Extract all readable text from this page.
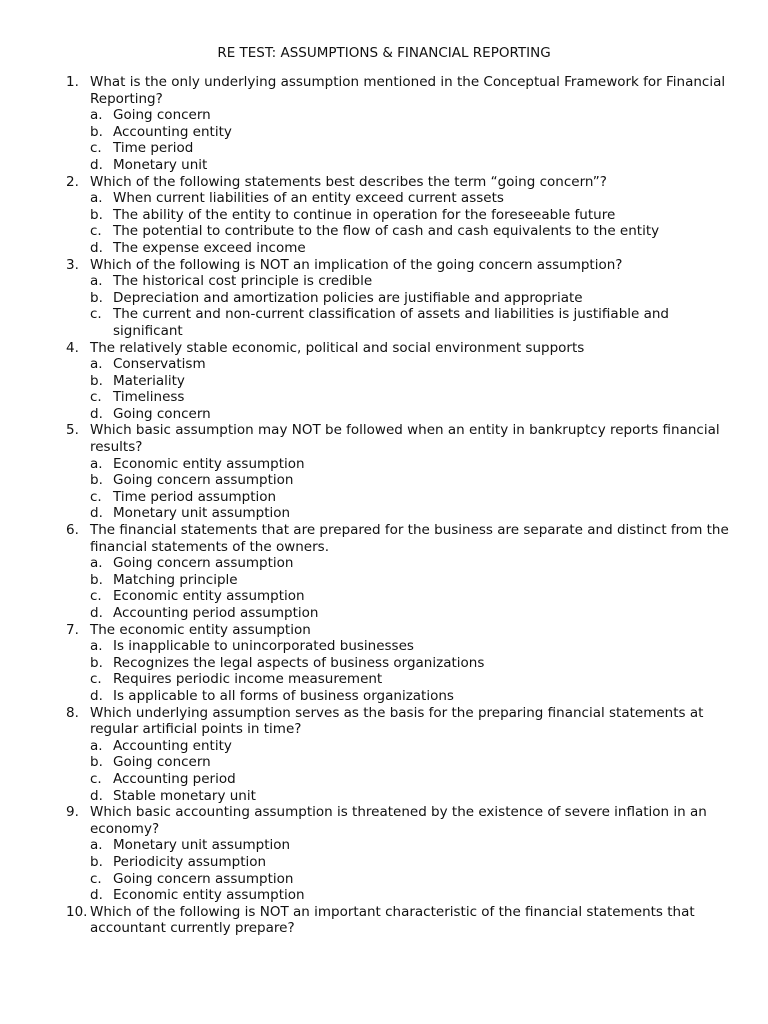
RE TEST: ASSUMPTIONS & FINANCIAL REPORTING
1. What is the only underlying assumption mentioned in the Conceptual Framework for Financial Reporting?
a. Going concern
b. Accounting entity
c. Time period
d. Monetary unit
2. Which of the following statements best describes the term “going concern”?
a. When current liabilities of an entity exceed current assets
b. The ability of the entity to continue in operation for the foreseeable future
c. The potential to contribute to the flow of cash and cash equivalents to the entity
d. The expense exceed income
3. Which of the following is NOT an implication of the going concern assumption?
a. The historical cost principle is credible
b. Depreciation and amortization policies are justifiable and appropriate
c. The current and non-current classification of assets and liabilities is justifiable and significant
4. The relatively stable economic, political and social environment supports
a. Conservatism
b. Materiality
c. Timeliness
d. Going concern
5. Which basic assumption may NOT be followed when an entity in bankruptcy reports financial results?
a. Economic entity assumption
b. Going concern assumption
c. Time period assumption
d. Monetary unit assumption
6. The financial statements that are prepared for the business are separate and distinct from the financial statements of the owners.
a. Going concern assumption
b. Matching principle
c. Economic entity assumption
d. Accounting period assumption
7. The economic entity assumption
a. Is inapplicable to unincorporated businesses
b. Recognizes the legal aspects of business organizations
c. Requires periodic income measurement
d. Is applicable to all forms of business organizations
8. Which underlying assumption serves as the basis for the preparing financial statements at regular artificial points in time?
a. Accounting entity
b. Going concern
c. Accounting period
d. Stable monetary unit
9. Which basic accounting assumption is threatened by the existence of severe inflation in an economy?
a. Monetary unit assumption
b. Periodicity assumption
c. Going concern assumption
d. Economic entity assumption
10. Which of the following is NOT an important characteristic of the financial statements that accountant currently prepare?
